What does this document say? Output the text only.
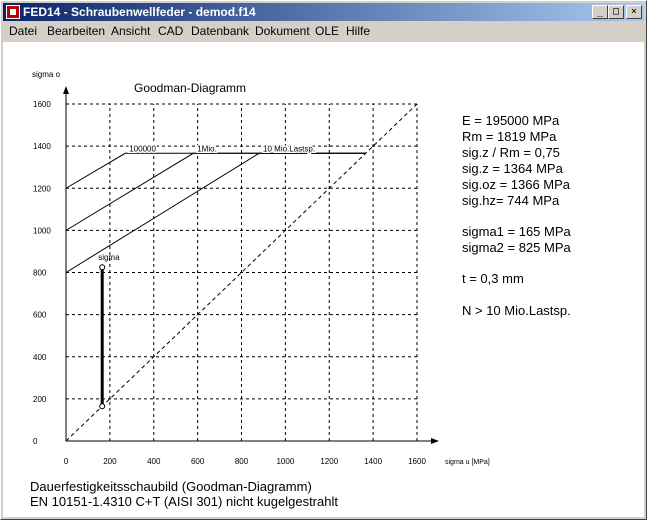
FED14 - Schraubenwellfeder - demod.f14	_ □	×
Datei Bearbeiten Ansicht CAD Datenbank Dokument OLE Hilfe
0	200	400	600	800	1000	1200	1400	1600
0
200
400
600
800
1000
1200
1400
1600
sigma o
sigma u [MPa]
Goodman-Diagramm
100000	1Mio.	10 Mio.Lastsp.
sigma
E = 195000 MPa
Rm = 1819 MPa
sig.z / Rm = 0,75
sig.z = 1364 MPa
sig.oz = 1366 MPa
sig.hz= 744 MPa
sigma1 = 165 MPa
sigma2 = 825 MPa
t = 0,3 mm
N > 10 Mio.Lastsp.
Dauerfestigkeitsschaubild (Goodman-Diagramm)
EN 10151-1.4310 C+T (AISI 301) nicht kugelgestrahlt
